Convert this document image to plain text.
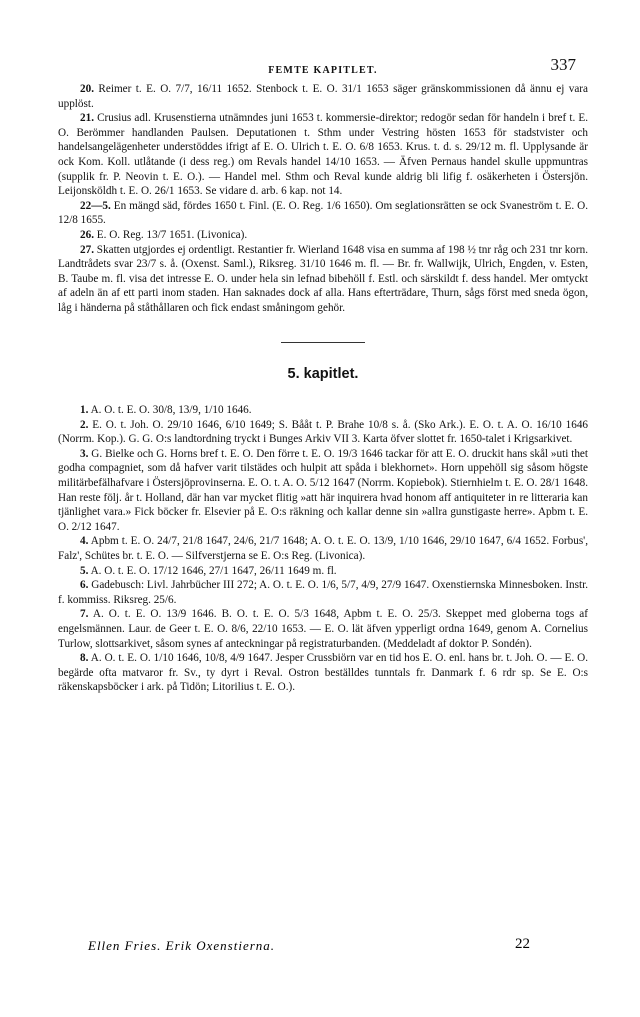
FEMTE KAPITLET.	337

20. Reimer t. E. O. 7/7, 16/11 1652. Stenbock t. E. O. 31/1 1653 säger gränskommissionen då ännu ej vara upplöst.

21. Crusius adl. Krusenstierna utnämndes juni 1653 t. kommersie-direktor; redogör sedan för handeln i bref t. E. O. Berömmer handlanden Paulsen. Deputationen t. Sthm under Vestring hösten 1653 för stadstvister och handelsangelägenheter understöddes ifrigt af E. O. Ulrich t. E. O. 6/8 1653. Krus. t. d. s. 29/12 m. fl. Upplysande är ock Kom. Koll. utlåtande (i dess reg.) om Revals handel 14/10 1653. — Äfven Pernaus handel skulle uppmuntras (supplik fr. P. Neovin t. E. O.). — Handel mel. Sthm och Reval kunde aldrig bli lifig f. osäkerheten i Östersjön. Leijonsköldh t. E. O. 26/1 1653. Se vidare d. arb. 6 kap. not 14.

22—5. En mängd säd, fördes 1650 t. Finl. (E. O. Reg. 1/6 1650). Om seglationsrätten se ock Svaneström t. E. O. 12/8 1655.

26. E. O. Reg. 13/7 1651. (Livonica).

27. Skatten utgjordes ej ordentligt. Restantier fr. Wierland 1648 visa en summa af 198 ½ tnr råg och 231 tnr korn. Landtrådets svar 23/7 s. å. (Oxenst. Saml.), Riksreg. 31/10 1646 m. fl. — Br. fr. Wallwijk, Ulrich, Engden, v. Esten, B. Taube m. fl. visa det intresse E. O. under hela sin lefnad bibehöll f. Estl. och särskildt f. dess handel. Mer omtyckt af adeln än af ett parti inom staden. Han saknades dock af alla. Hans efterträdare, Thurn, sågs först med sneda ögon, låg i händerna på ståthållaren och fick endast småningom gehör.

5. kapitlet.

1. A. O. t. E. O. 30/8, 13/9, 1/10 1646.

2. E. O. t. Joh. O. 29/10 1646, 6/10 1649; S. Bååt t. P. Brahe 10/8 s. å. (Sko Ark.). E. O. t. A. O. 16/10 1646 (Norrm. Kop.). G. G. O:s landtordning tryckt i Bunges Arkiv VII 3. Karta öfver slottet fr. 1650-talet i Krigsarkivet.

3. G. Bielke och G. Horns bref t. E. O. Den förre t. E. O. 19/3 1646 tackar för att E. O. druckit hans skål »uti thet godha compagniet, som då hafver varit tilstädes och hulpit att spåda i blekhornet». Horn uppehöll sig såsom högste militärbefälhafvare i Östersjöprovinserna. E. O. t. A. O. 5/12 1647 (Norrm. Kopiebok). Stiernhielm t. E. O. 28/1 1648. Han reste följ. år t. Holland, där han var mycket flitig »att här inquirera hvad honom aff antiquiteter in re litteraria kan tjänlighet vara.» Fick böcker fr. Elsevier på E. O:s räkning och kallar denne sin »allra gunstigaste herre». Apbm t. E. O. 2/12 1647.

4. Apbm t. E. O. 24/7, 21/8 1647, 24/6, 21/7 1648; A. O. t. E. O. 13/9, 1/10 1646, 29/10 1647, 6/4 1652. Forbus', Falz', Schütes br. t. E. O. — Silfverstjerna se E. O:s Reg. (Livonica).

5. A. O. t. E. O. 17/12 1646, 27/1 1647, 26/11 1649 m. fl.

6. Gadebusch: Livl. Jahrbücher III 272; A. O. t. E. O. 1/6, 5/7, 4/9, 27/9 1647. Oxenstiernska Minnesboken. Instr. f. kommiss. Riksreg. 25/6.

7. A. O. t. E. O. 13/9 1646. B. O. t. E. O. 5/3 1648, Apbm t. E. O. 25/3. Skeppet med globerna togs af engelsmännen. Laur. de Geer t. E. O. 8/6, 22/10 1653. — E. O. lät äfven ypperligt ordna 1649, genom A. Cornelius Turlow, slottsarkivet, såsom synes af anteckningar på registraturbanden. (Meddeladt af doktor P. Sondén).

8. A. O. t. E. O. 1/10 1646, 10/8, 4/9 1647. Jesper Crussbiörn var en tid hos E. O. enl. hans br. t. Joh. O. — E. O. begärde ofta matvaror fr. Sv., ty dyrt i Reval. Ostron beställdes tunntals fr. Danmark f. 6 rdr sp. Se E. O:s räkenskapsböcker i ark. på Tidön; Litorilius t. E. O.).

Ellen Fries. Erik Oxenstierna.	22
